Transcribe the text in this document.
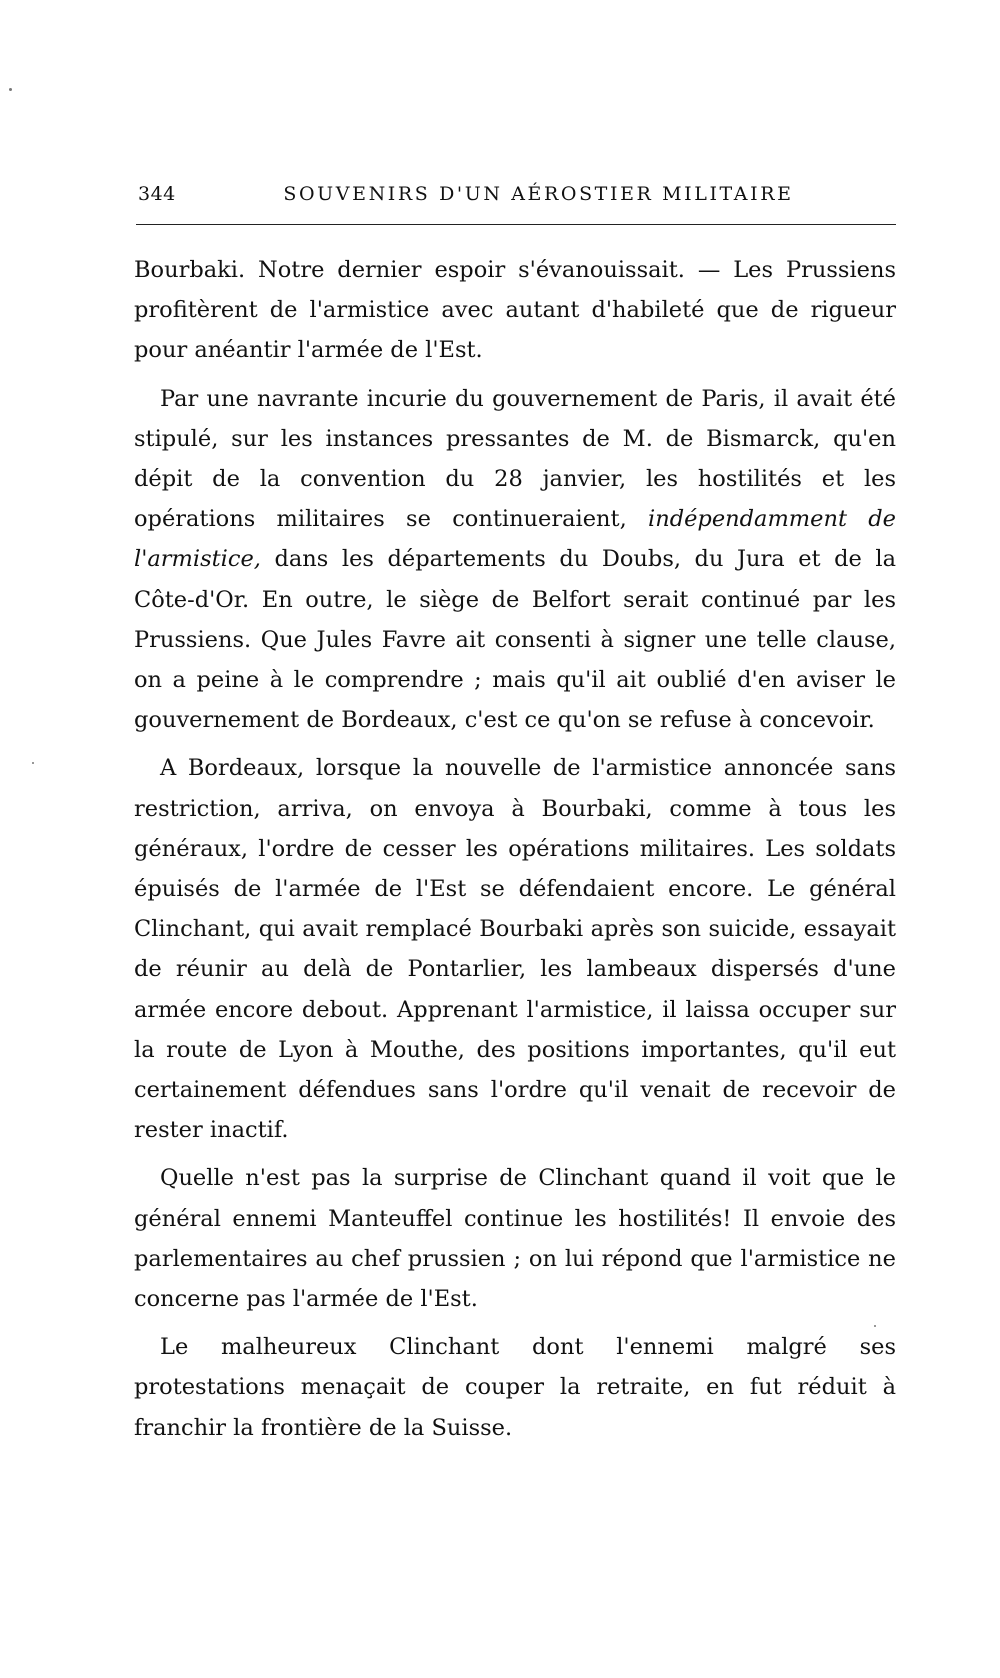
344	SOUVENIRS D'UN AÉROSTIER MILITAIRE

Bourbaki. Notre dernier espoir s'évanouissait. — Les Prussiens profitèrent de l'armistice avec autant d'habileté que de rigueur pour anéantir l'armée de l'Est.

Par une navrante incurie du gouvernement de Paris, il avait été stipulé, sur les instances pressantes de M. de Bismarck, qu'en dépit de la convention du 28 janvier, les hostilités et les opérations militaires se continueraient, indépendamment de l'armistice, dans les départements du Doubs, du Jura et de la Côte-d'Or. En outre, le siège de Belfort serait continué par les Prussiens. Que Jules Favre ait consenti à signer une telle clause, on a peine à le comprendre ; mais qu'il ait oublié d'en aviser le gouvernement de Bordeaux, c'est ce qu'on se refuse à concevoir.

A Bordeaux, lorsque la nouvelle de l'armistice annoncée sans restriction, arriva, on envoya à Bourbaki, comme à tous les généraux, l'ordre de cesser les opérations militaires. Les soldats épuisés de l'armée de l'Est se défendaient encore. Le général Clinchant, qui avait remplacé Bourbaki après son suicide, essayait de réunir au delà de Pontarlier, les lambeaux dispersés d'une armée encore debout. Apprenant l'armistice, il laissa occuper sur la route de Lyon à Mouthe, des positions importantes, qu'il eut certainement défendues sans l'ordre qu'il venait de recevoir de rester inactif.

Quelle n'est pas la surprise de Clinchant quand il voit que le général ennemi Manteuffel continue les hostilités! Il envoie des parlementaires au chef prussien ; on lui répond que l'armistice ne concerne pas l'armée de l'Est.

Le malheureux Clinchant dont l'ennemi malgré ses protestations menaçait de couper la retraite, en fut réduit à franchir la frontière de la Suisse.
